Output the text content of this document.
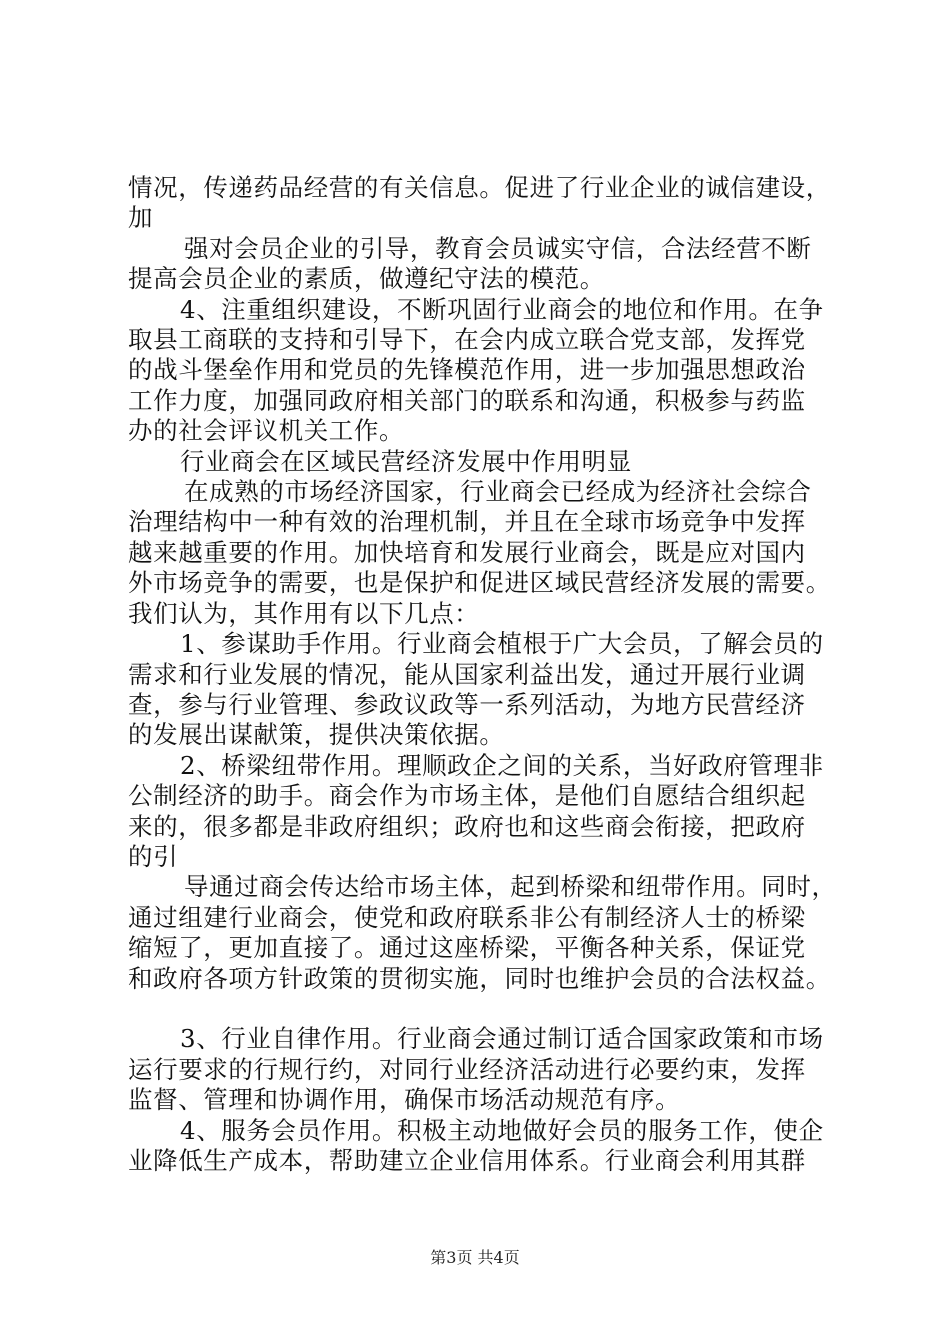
情况，传递药品经营的有关信息。促进了行业企业的诚信建设，
加
强对会员企业的引导，教育会员诚实守信，合法经营不断
提高会员企业的素质，做遵纪守法的模范。
4、注重组织建设，不断巩固行业商会的地位和作用。在争
取县工商联的支持和引导下，在会内成立联合党支部，发挥党
的战斗堡垒作用和党员的先锋模范作用，进一步加强思想政治
工作力度，加强同政府相关部门的联系和沟通，积极参与药监
办的社会评议机关工作。
行业商会在区域民营经济发展中作用明显
在成熟的市场经济国家，行业商会已经成为经济社会综合
治理结构中一种有效的治理机制，并且在全球市场竞争中发挥
越来越重要的作用。加快培育和发展行业商会，既是应对国内
外市场竞争的需要，也是保护和促进区域民营经济发展的需要。
我们认为，其作用有以下几点：
1、参谋助手作用。行业商会植根于广大会员，了解会员的
需求和行业发展的情况，能从国家利益出发，通过开展行业调
查，参与行业管理、参政议政等一系列活动，为地方民营经济
的发展出谋献策，提供决策依据。
2、桥梁纽带作用。理顺政企之间的关系，当好政府管理非
公制经济的助手。商会作为市场主体，是他们自愿结合组织起
来的，很多都是非政府组织；政府也和这些商会衔接，把政府
的引
导通过商会传达给市场主体，起到桥梁和纽带作用。同时，
通过组建行业商会，使党和政府联系非公有制经济人士的桥梁
缩短了，更加直接了。通过这座桥梁，平衡各种关系，保证党
和政府各项方针政策的贯彻实施，同时也维护会员的合法权益。
3、行业自律作用。行业商会通过制订适合国家政策和市场
运行要求的行规行约，对同行业经济活动进行必要约束，发挥
监督、管理和协调作用，确保市场活动规范有序。
4、服务会员作用。积极主动地做好会员的服务工作，使企
业降低生产成本，帮助建立企业信用体系。行业商会利用其群
第3页 共4页
